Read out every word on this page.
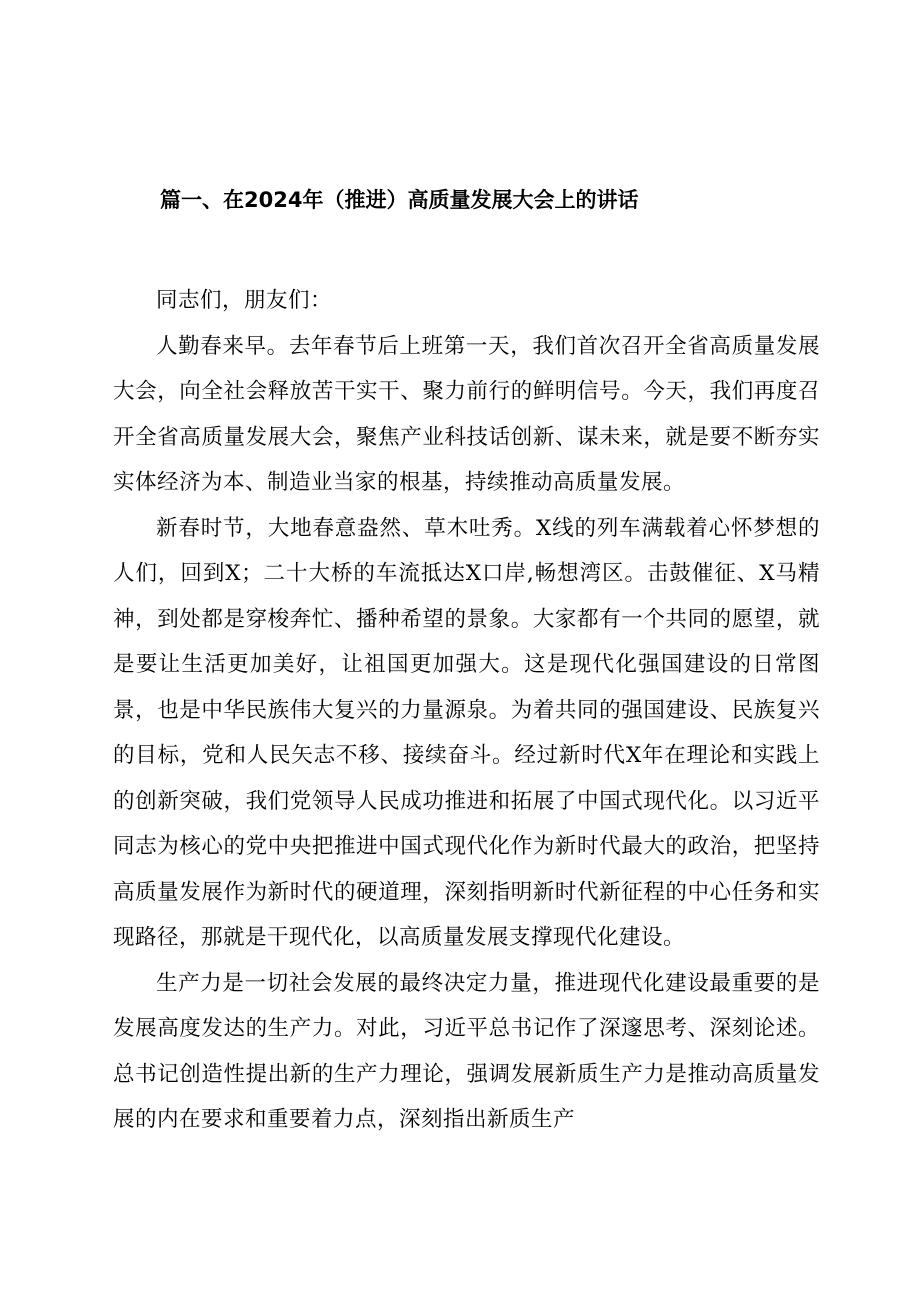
篇一、在2024年（推进）高质量发展大会上的讲话

同志们，朋友们：

人勤春来早。去年春节后上班第一天，我们首次召开全省高质量发展大会，向全社会释放苦干实干、聚力前行的鲜明信号。今天，我们再度召开全省高质量发展大会，聚焦产业科技话创新、谋未来，就是要不断夯实实体经济为本、制造业当家的根基，持续推动高质量发展。

新春时节，大地春意盎然、草木吐秀。X线的列车满载着心怀梦想的人们，回到X；二十大桥的车流抵达X口岸,畅想湾区。击鼓催征、X马精神，到处都是穿梭奔忙、播种希望的景象。大家都有一个共同的愿望，就是要让生活更加美好，让祖国更加强大。这是现代化强国建设的日常图景，也是中华民族伟大复兴的力量源泉。为着共同的强国建设、民族复兴的目标，党和人民矢志不移、接续奋斗。经过新时代X年在理论和实践上的创新突破，我们党领导人民成功推进和拓展了中国式现代化。以习近平同志为核心的党中央把推进中国式现代化作为新时代最大的政治，把坚持高质量发展作为新时代的硬道理，深刻指明新时代新征程的中心任务和实现路径，那就是干现代化，以高质量发展支撑现代化建设。

生产力是一切社会发展的最终决定力量，推进现代化建设最重要的是发展高度发达的生产力。对此，习近平总书记作了深邃思考、深刻论述。总书记创造性提出新的生产力理论，强调发展新质生产力是推动高质量发展的内在要求和重要着力点，深刻指出新质生产
